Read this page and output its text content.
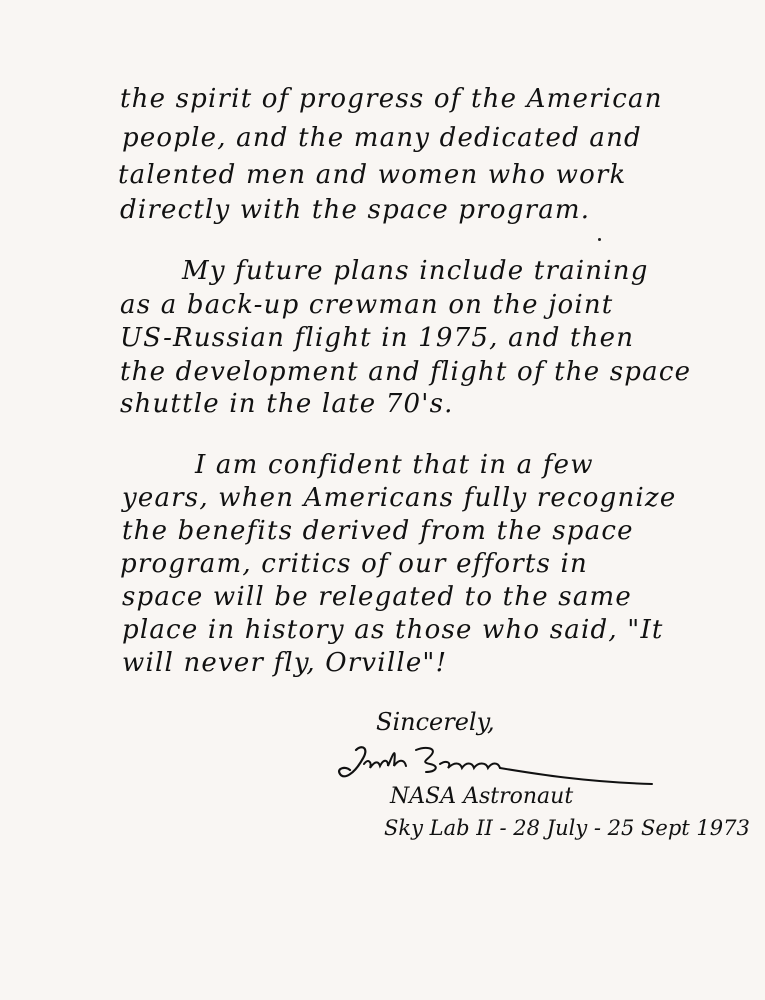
the spirit of progress of the American
people, and the many dedicated and
talented men and women who work
directly with the space program.
My future plans include training
as a back-up crewman on the joint
US-Russian flight in 1975, and then
the development and flight of the space
shuttle in the late 70's.
I am confident that in a few
years, when Americans fully recognize
the benefits derived from the space
program, critics of our efforts in
space will be relegated to the same
place in history as those who said, "It
will never fly, Orville"!
Sincerely,
NASA Astronaut
Sky Lab II - 28 July - 25 Sept 1973
